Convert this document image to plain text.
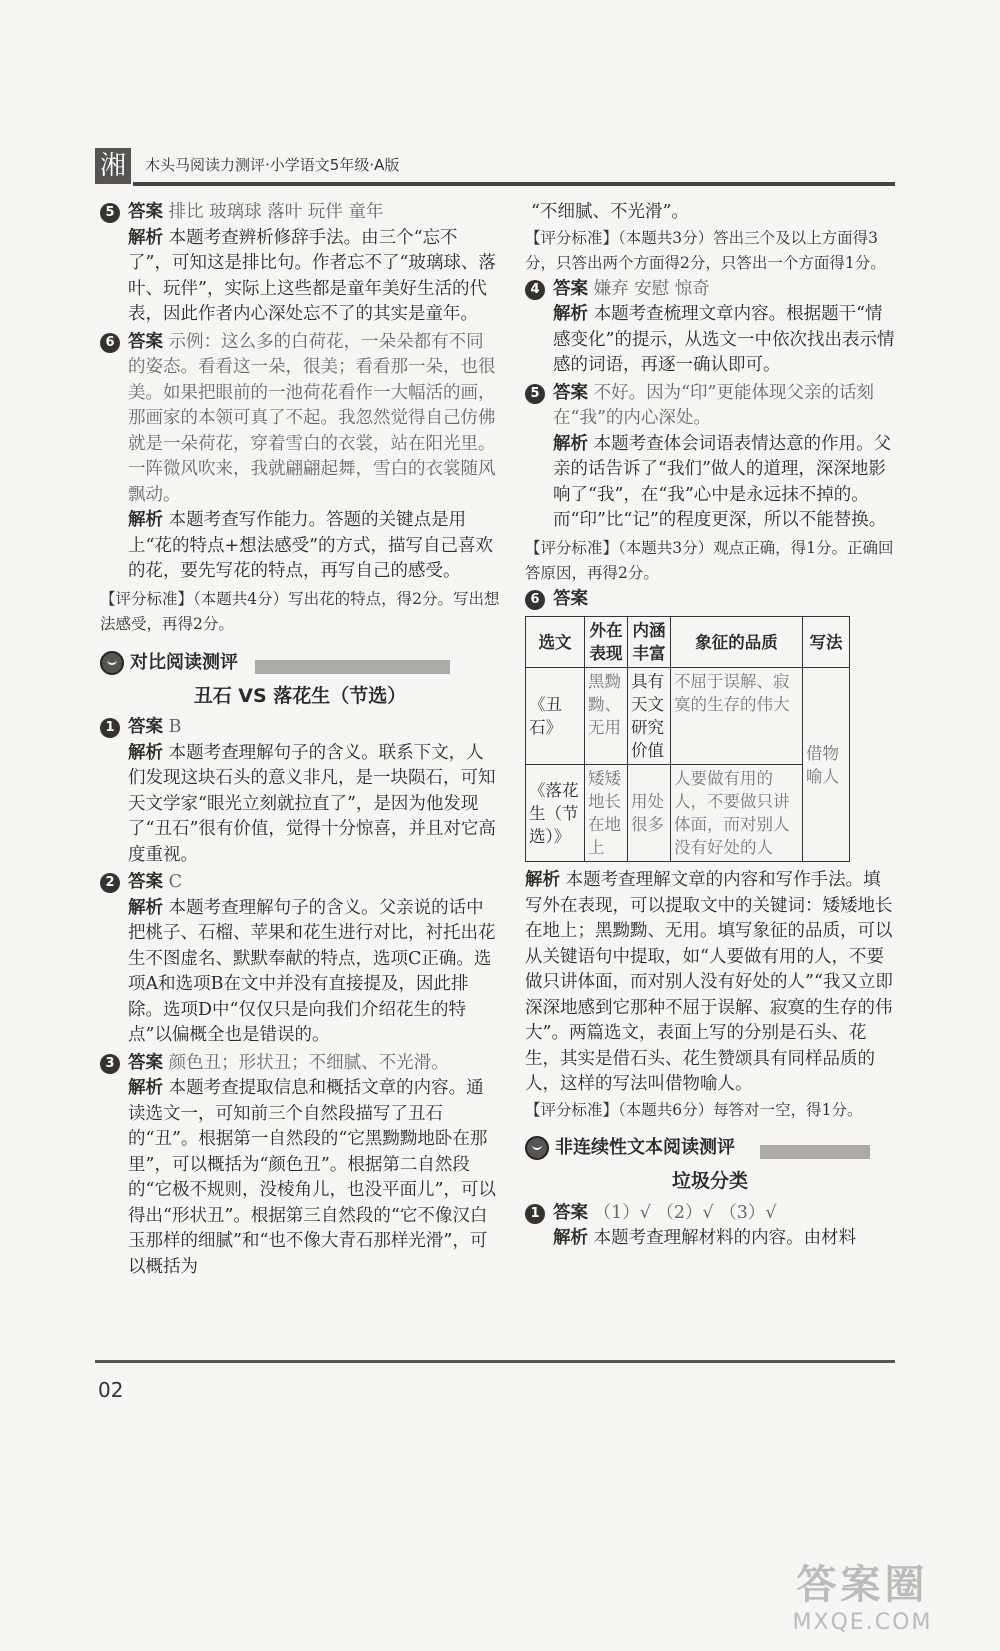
湘	木头马阅读力测评·小学语文5年级·A版
5 答案 排比 玻璃球 落叶 玩伴 童年

解析 本题考查辨析修辞手法。由三个“忘不了”，可知这是排比句。作者忘不了“玻璃球、落叶、玩伴”，实际上这些都是童年美好生活的代表，因此作者内心深处忘不了的其实是童年。

6 答案 示例：这么多的白荷花，一朵朵都有不同的姿态。看看这一朵，很美；看看那一朵，也很美。如果把眼前的一池荷花看作一大幅活的画，那画家的本领可真了不起。我忽然觉得自己仿佛就是一朵荷花，穿着雪白的衣裳，站在阳光里。一阵微风吹来，我就翩翩起舞，雪白的衣裳随风飘动。

解析 本题考查写作能力。答题的关键点是用上“花的特点+想法感受”的方式，描写自己喜欢的花，要先写花的特点，再写自己的感受。

【评分标准】（本题共4分）写出花的特点，得2分。写出想法感受，再得2分。

对比阅读测评
丑石 VS 落花生（节选）
1 答案 B

解析 本题考查理解句子的含义。联系下文，人们发现这块石头的意义非凡，是一块陨石，可知天文学家“眼光立刻就拉直了”，是因为他发现了“丑石”很有价值，觉得十分惊喜，并且对它高度重视。

2 答案 C

解析 本题考查理解句子的含义。父亲说的话中把桃子、石榴、苹果和花生进行对比，衬托出花生不图虚名、默默奉献的特点，选项C正确。选项A和选项B在文中并没有直接提及，因此排除。选项D中“仅仅只是向我们介绍花生的特点”以偏概全也是错误的。

3 答案 颜色丑；形状丑；不细腻、不光滑。

解析 本题考查提取信息和概括文章的内容。通读选文一，可知前三个自然段描写了丑石的“丑”。根据第一自然段的“它黑黝黝地卧在那里”，可以概括为“颜色丑”。根据第二自然段的“它极不规则，没棱角儿，也没平面儿”，可以得出“形状丑”。根据第三自然段的“它不像汉白玉那样的细腻”和“也不像大青石那样光滑”，可以概括为

“不细腻、不光滑”。

【评分标准】（本题共3分）答出三个及以上方面得3分，只答出两个方面得2分，只答出一个方面得1分。

4 答案 嫌弃 安慰 惊奇

解析 本题考查梳理文章内容。根据题干“情感变化”的提示，从选文一中依次找出表示情感的词语，再逐一确认即可。

5 答案 不好。因为“印”更能体现父亲的话刻在“我”的内心深处。

解析 本题考查体会词语表情达意的作用。父亲的话告诉了“我们”做人的道理，深深地影响了“我”，在“我”心中是永远抹不掉的。而“印”比“记”的程度更深，所以不能替换。

【评分标准】（本题共3分）观点正确，得1分。正确回答原因，再得2分。

6 答案

选文	外在表现	内涵丰富	象征的品质	写法
《丑石》	黑黝黝、无用	具有天文研究价值	不屈于误解、寂寞的生存的伟大	借物喻人
《落花生（节选）》	矮矮地长在地上	用处很多	人要做有用的人，不要做只讲体面，而对别人没有好处的人	

解析 本题考查理解文章的内容和写作手法。填写外在表现，可以提取文中的关键词：矮矮地长在地上；黑黝黝、无用。填写象征的品质，可以从关键语句中提取，如“人要做有用的人，不要做只讲体面，而对别人没有好处的人”“我又立即深深地感到它那种不屈于误解、寂寞的生存的伟大”。两篇选文，表面上写的分别是石头、花生，其实是借石头、花生赞颂具有同样品质的人，这样的写法叫借物喻人。

【评分标准】（本题共6分）每答对一空，得1分。

非连续性文本阅读测评
垃圾分类
1 答案 （1）√ （2）√ （3）√

解析 本题考查理解材料的内容。由材料

02
答案圈
MXQE.COM
